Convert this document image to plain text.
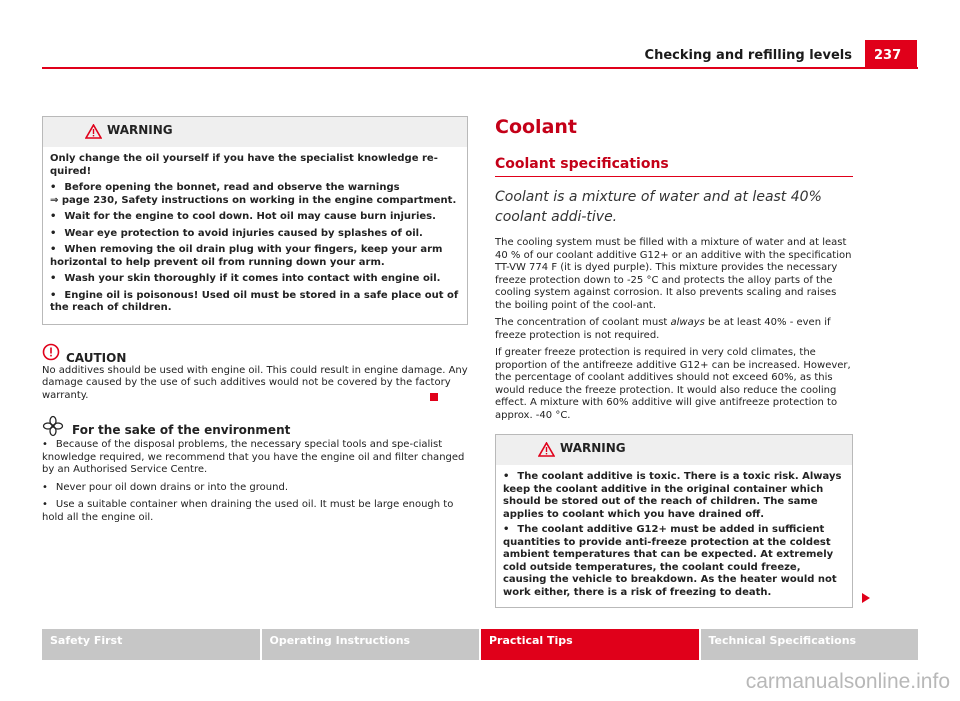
Checking and refilling levels	237
WARNING

Only change the oil yourself if you have the specialist knowledge re-quired!

• Before opening the bonnet, read and observe the warnings
⇒ page 230, Safety instructions on working in the engine compartment.

• Wait for the engine to cool down. Hot oil may cause burn injuries.

• Wear eye protection to avoid injuries caused by splashes of oil.

• When removing the oil drain plug with your fingers, keep your arm horizontal to help prevent oil from running down your arm.

• Wash your skin thoroughly if it comes into contact with engine oil.

• Engine oil is poisonous! Used oil must be stored in a safe place out of the reach of children.

CAUTION

No additives should be used with engine oil. This could result in engine damage. Any damage caused by the use of such additives would not be covered by the factory warranty.

For the sake of the environment

• Because of the disposal problems, the necessary special tools and spe-cialist knowledge required, we recommend that you have the engine oil and filter changed by an Authorised Service Centre.

• Never pour oil down drains or into the ground.

• Use a suitable container when draining the used oil. It must be large enough to hold all the engine oil.

Coolant
Coolant specifications
Coolant is a mixture of water and at least 40% coolant addi-tive.

The cooling system must be filled with a mixture of water and at least 40 % of our coolant additive G12+ or an additive with the specification TT-VW 774 F (it is dyed purple). This mixture provides the necessary freeze protection down to -25 °C and protects the alloy parts of the cooling system against corrosion. It also prevents scaling and raises the boiling point of the cool-ant.

The concentration of coolant must always be at least 40% - even if freeze protection is not required.

If greater freeze protection is required in very cold climates, the proportion of the antifreeze additive G12+ can be increased. However, the percentage of coolant additives should not exceed 60%, as this would reduce the freeze protection. It would also reduce the cooling effect. A mixture with 60% additive will give antifreeze protection to approx. -40 °C.

WARNING

• The coolant additive is toxic. There is a toxic risk. Always keep the coolant additive in the original container which should be stored out of the reach of children. The same applies to coolant which you have drained off.

• The coolant additive G12+ must be added in sufficient quantities to provide anti-freeze protection at the coldest ambient temperatures that can be expected. At extremely cold outside temperatures, the coolant could freeze, causing the vehicle to breakdown. As the heater would not work either, there is a risk of freezing to death.

Safety First	Operating Instructions	Practical Tips	Technical Specifications
carmanualsonline.info
